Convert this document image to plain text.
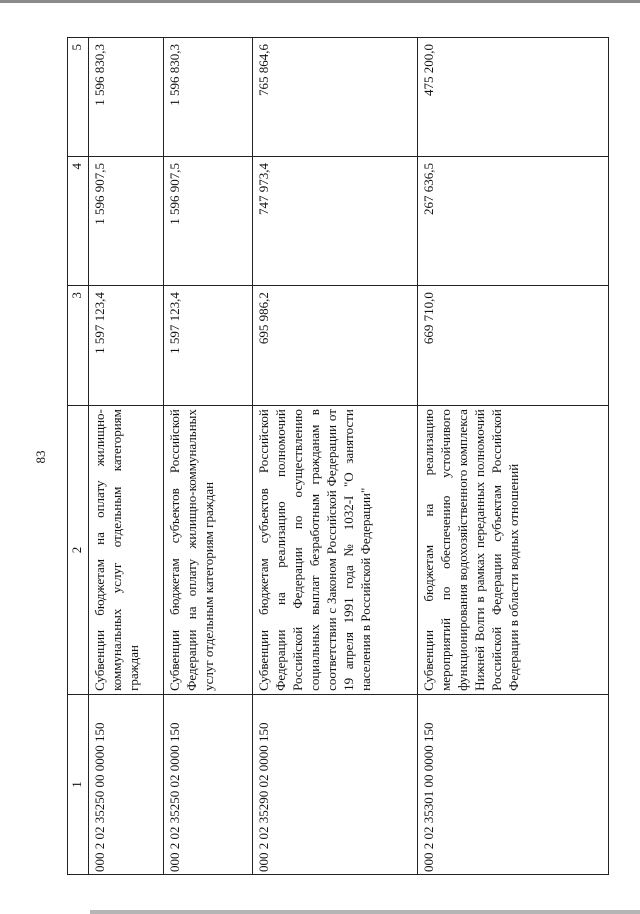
83
1	2	3	4	5
000 2 02 35250 00 0000 150	Субвенции бюджетам на оплату жилищно-коммунальных услуг отдельным категориям граждан	1 597 123,4	1 596 907,5	1 596 830,3
000 2 02 35250 02 0000 150	Субвенции бюджетам субъектов Российской Федерации на оплату жилищно-коммунальных услуг отдельным категориям граждан	1 597 123,4	1 596 907,5	1 596 830,3
000 2 02 35290 02 0000 150	Субвенции бюджетам субъектов Российской Федерации на реализацию полномочий Российской Федерации по осуществлению социальных выплат безработным гражданам в соответствии с Законом Российской Федерации от 19 апреля 1991 года № 1032-I "О занятости населения в Российской Федерации"	695 986,2	747 973,4	765 864,6
000 2 02 35301 00 0000 150	Субвенции бюджетам на реализацию мероприятий по обеспечению устойчивого функционирования водохозяйственного комплекса Нижней Волги в рамках переданных полномочий Российской Федерации субъектам Российской Федерации в области водных отношений	669 710,0	267 636,5	475 200,0
